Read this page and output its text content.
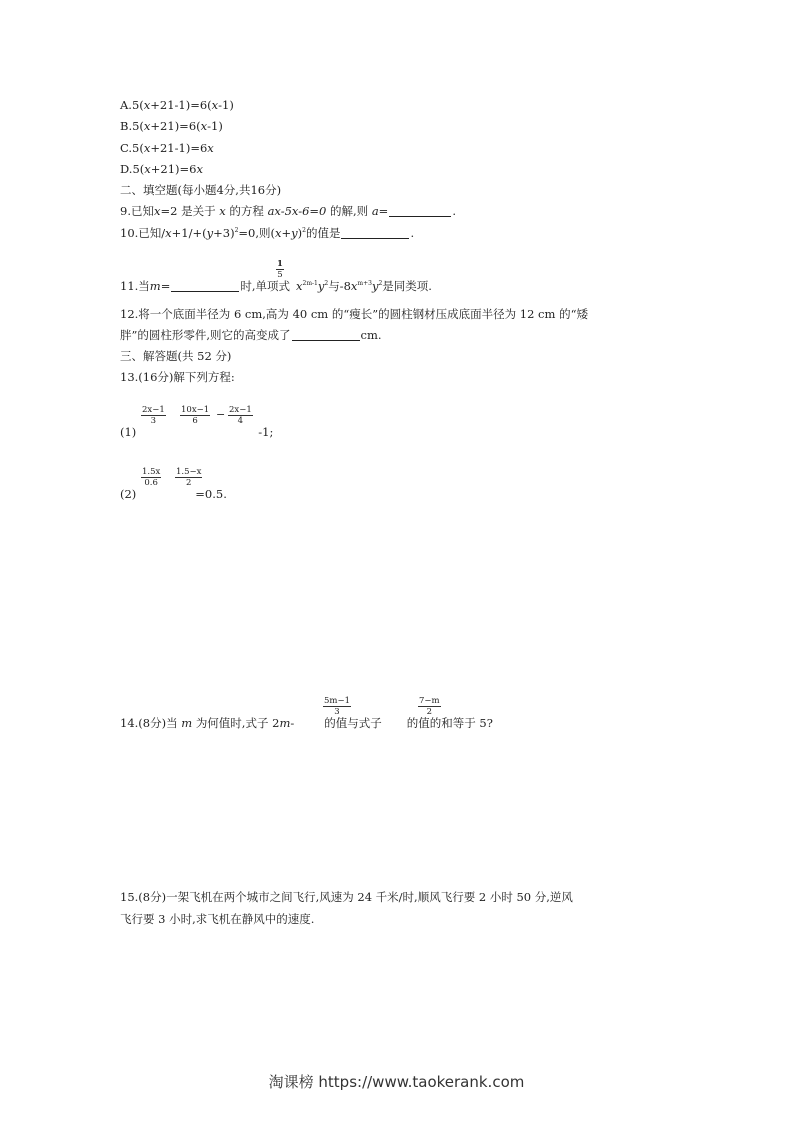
A.5(x+21-1)=6(x-1)
B.5(x+21)=6(x-1)
C.5(x+21-1)=6x
D.5(x+21)=6x
二、填空题(每小题4分,共16分)
9.已知x=2 是关于 x 的方程 ax-5x-6=0 的解,则 a=	.
10.已知$/x+1/+(y+3)^2=0$,则$(x+y)^2$的值是	.
$\frac{1}{5}$
11.当m=	时,单项式 $x^{2m-1}y^2$与$-8x^{m+3}y^2$是同类项.
12.将一个底面半径为 6 cm,高为 40 cm 的“瘦长”的圆柱钢材压成底面半径为 12 cm 的“矮
胖”的圆柱形零件,则它的高变成了	cm.
三、解答题(共 52 分)
13.(16分)解下列方程:
$\frac{2x-1}{3} \frac{10x-1}{6} - \frac{2x-1}{4}$
(1)	-1;
$\frac{1.5x}{0.6} \frac{1.5-x}{2}$
(2)	=0.5.
$\frac{5m-1}{3}$	$\frac{7-m}{2}$
14.(8分)当 m 为何值时,式子 2m-	的值与式子 的值的和等于 5?
15.(8分)一架飞机在两个城市之间飞行,风速为 24 千米/时,顺风飞行要 2 小时 50 分,逆风
飞行要 3 小时,求飞机在静风中的速度.
淘课榜 https://www.taokerank.com
